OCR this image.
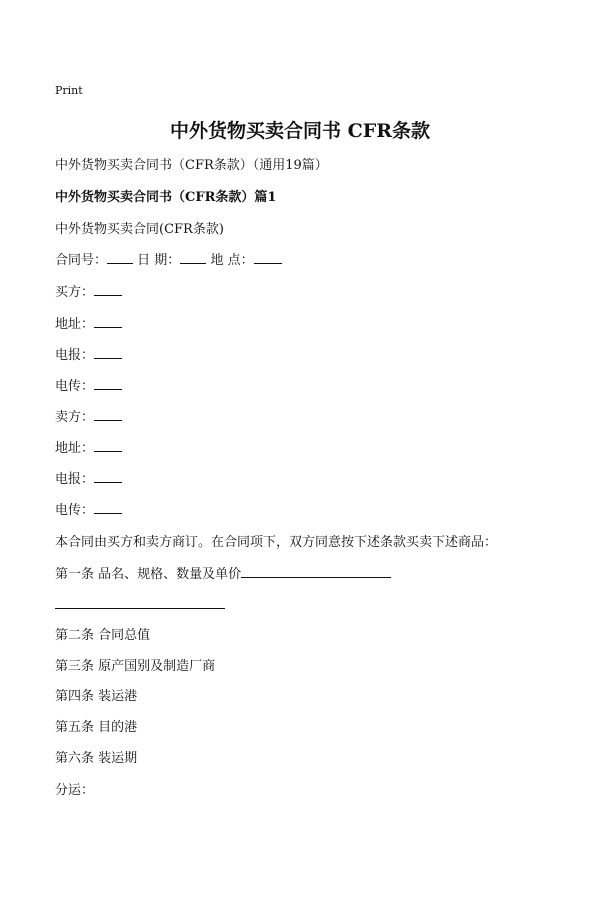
Print
中外货物买卖合同书 CFR条款
中外货物买卖合同书（CFR条款）（通用19篇）
中外货物买卖合同书（CFR条款）篇1
中外货物买卖合同(CFR条款)
合同号： 日 期： 地 点：
买方：
地址：
电报：
电传：
卖方：
地址：
电报：
电传：
本合同由买方和卖方商订。在合同项下，双方同意按下述条款买卖下述商品：
第一条 品名、规格、数量及单价
第二条 合同总值
第三条 原产国别及制造厂商
第四条 装运港
第五条 目的港
第六条 装运期
分运：
